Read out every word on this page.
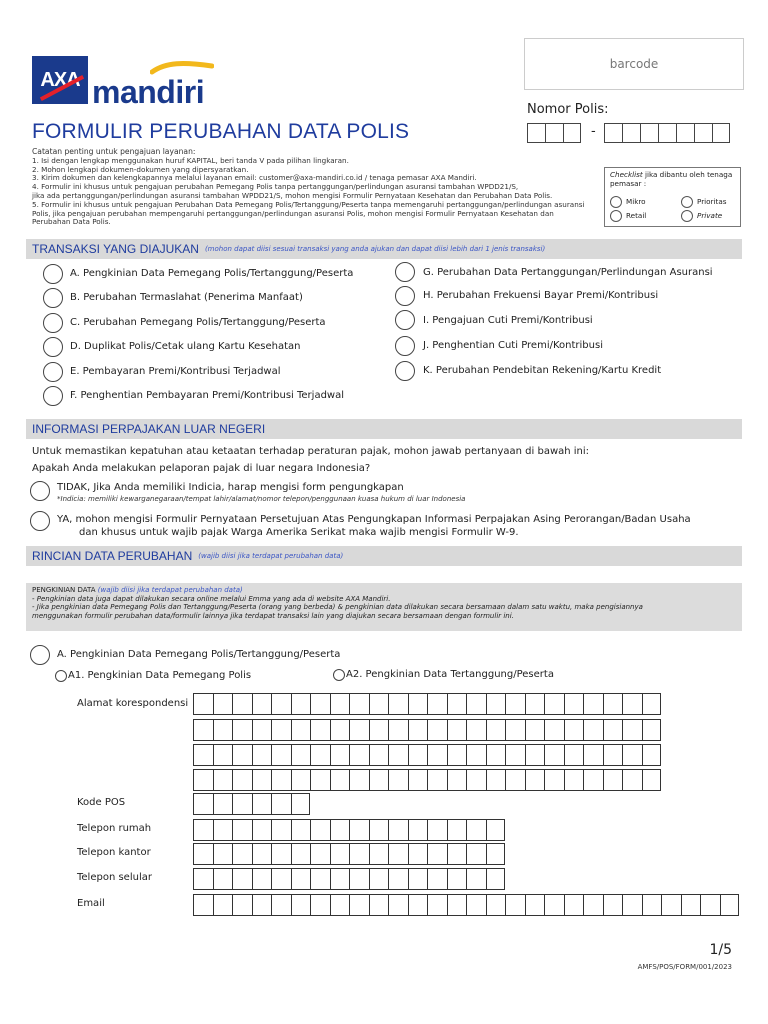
AXA mandiri
FORMULIR PERUBAHAN DATA POLIS
barcode
Nomor Polis:
-
Catatan penting untuk pengajuan layanan:
1. Isi dengan lengkap menggunakan huruf KAPITAL, beri tanda V pada pilihan lingkaran.
2. Mohon lengkapi dokumen-dokumen yang dipersyaratkan.
3. Kirim dokumen dan kelengkapannya melalui layanan email: customer@axa-mandiri.co.id / tenaga pemasar AXA Mandiri.
4. Formulir ini khusus untuk pengajuan perubahan Pemegang Polis tanpa pertanggungan/perlindungan asuransi tambahan WPDD21/S,
jika ada pertanggungan/perlindungan asuransi tambahan WPDD21/S, mohon mengisi Formulir Pernyataan Kesehatan dan Perubahan Data Polis.
5. Formulir ini khusus untuk pengajuan Perubahan Data Pemegang Polis/Tertanggung/Peserta tanpa memengaruhi pertanggungan/perlindungan asuransi
Polis, jika pengajuan perubahan mempengaruhi pertanggungan/perlindungan asuransi Polis, mohon mengisi Formulir Pernyataan Kesehatan dan
Perubahan Data Polis.
Checklist jika dibantu oleh tenaga pemasar :
Mikro	Prioritas
Retail	Private
TRANSAKSI YANG DIAJUKAN (mohon dapat diisi sesuai transaksi yang anda ajukan dan dapat diisi lebih dari 1 jenis transaksi)
A. Pengkinian Data Pemegang Polis/Tertanggung/Peserta
B. Perubahan Termaslahat (Penerima Manfaat)
C. Perubahan Pemegang Polis/Tertanggung/Peserta
D. Duplikat Polis/Cetak ulang Kartu Kesehatan
E. Pembayaran Premi/Kontribusi Terjadwal
F. Penghentian Pembayaran Premi/Kontribusi Terjadwal
G. Perubahan Data Pertanggungan/Perlindungan Asuransi
H. Perubahan Frekuensi Bayar Premi/Kontribusi
I. Pengajuan Cuti Premi/Kontribusi
J. Penghentian Cuti Premi/Kontribusi
K. Perubahan Pendebitan Rekening/Kartu Kredit
INFORMASI PERPAJAKAN LUAR NEGERI
Untuk memastikan kepatuhan atau ketaatan terhadap peraturan pajak, mohon jawab pertanyaan di bawah ini:
Apakah Anda melakukan pelaporan pajak di luar negara Indonesia?
TIDAK, Jika Anda memiliki Indicia, harap mengisi form pengungkapan
*Indicia: memiliki kewarganegaraan/tempat lahir/alamat/nomor telepon/penggunaan kuasa hukum di luar Indonesia
YA, mohon mengisi Formulir Pernyataan Persetujuan Atas Pengungkapan Informasi Perpajakan Asing Perorangan/Badan Usaha
dan khusus untuk wajib pajak Warga Amerika Serikat maka wajib mengisi Formulir W-9.
RINCIAN DATA PERUBAHAN (wajib diisi jika terdapat perubahan data)
PENGKINIAN DATA (wajib diisi jika terdapat perubahan data)

- Pengkinian data juga dapat dilakukan secara online melalui Emma yang ada di website AXA Mandiri.

- Jika pengkinian data Pemegang Polis dan Tertanggung/Peserta (orang yang berbeda) & pengkinian data dilakukan secara bersamaan dalam satu waktu, maka pengisiannya

menggunakan formulir perubahan data/formulir lainnya jika terdapat transaksi lain yang diajukan secara bersamaan dengan formulir ini.

A. Pengkinian Data Pemegang Polis/Tertanggung/Peserta
A1. Pengkinian Data Pemegang Polis	A2. Pengkinian Data Tertanggung/Peserta
Alamat korespondensi
Kode POS
Telepon rumah
Telepon kantor
Telepon selular
Email
1/5
AMFS/POS/FORM/001/2023
